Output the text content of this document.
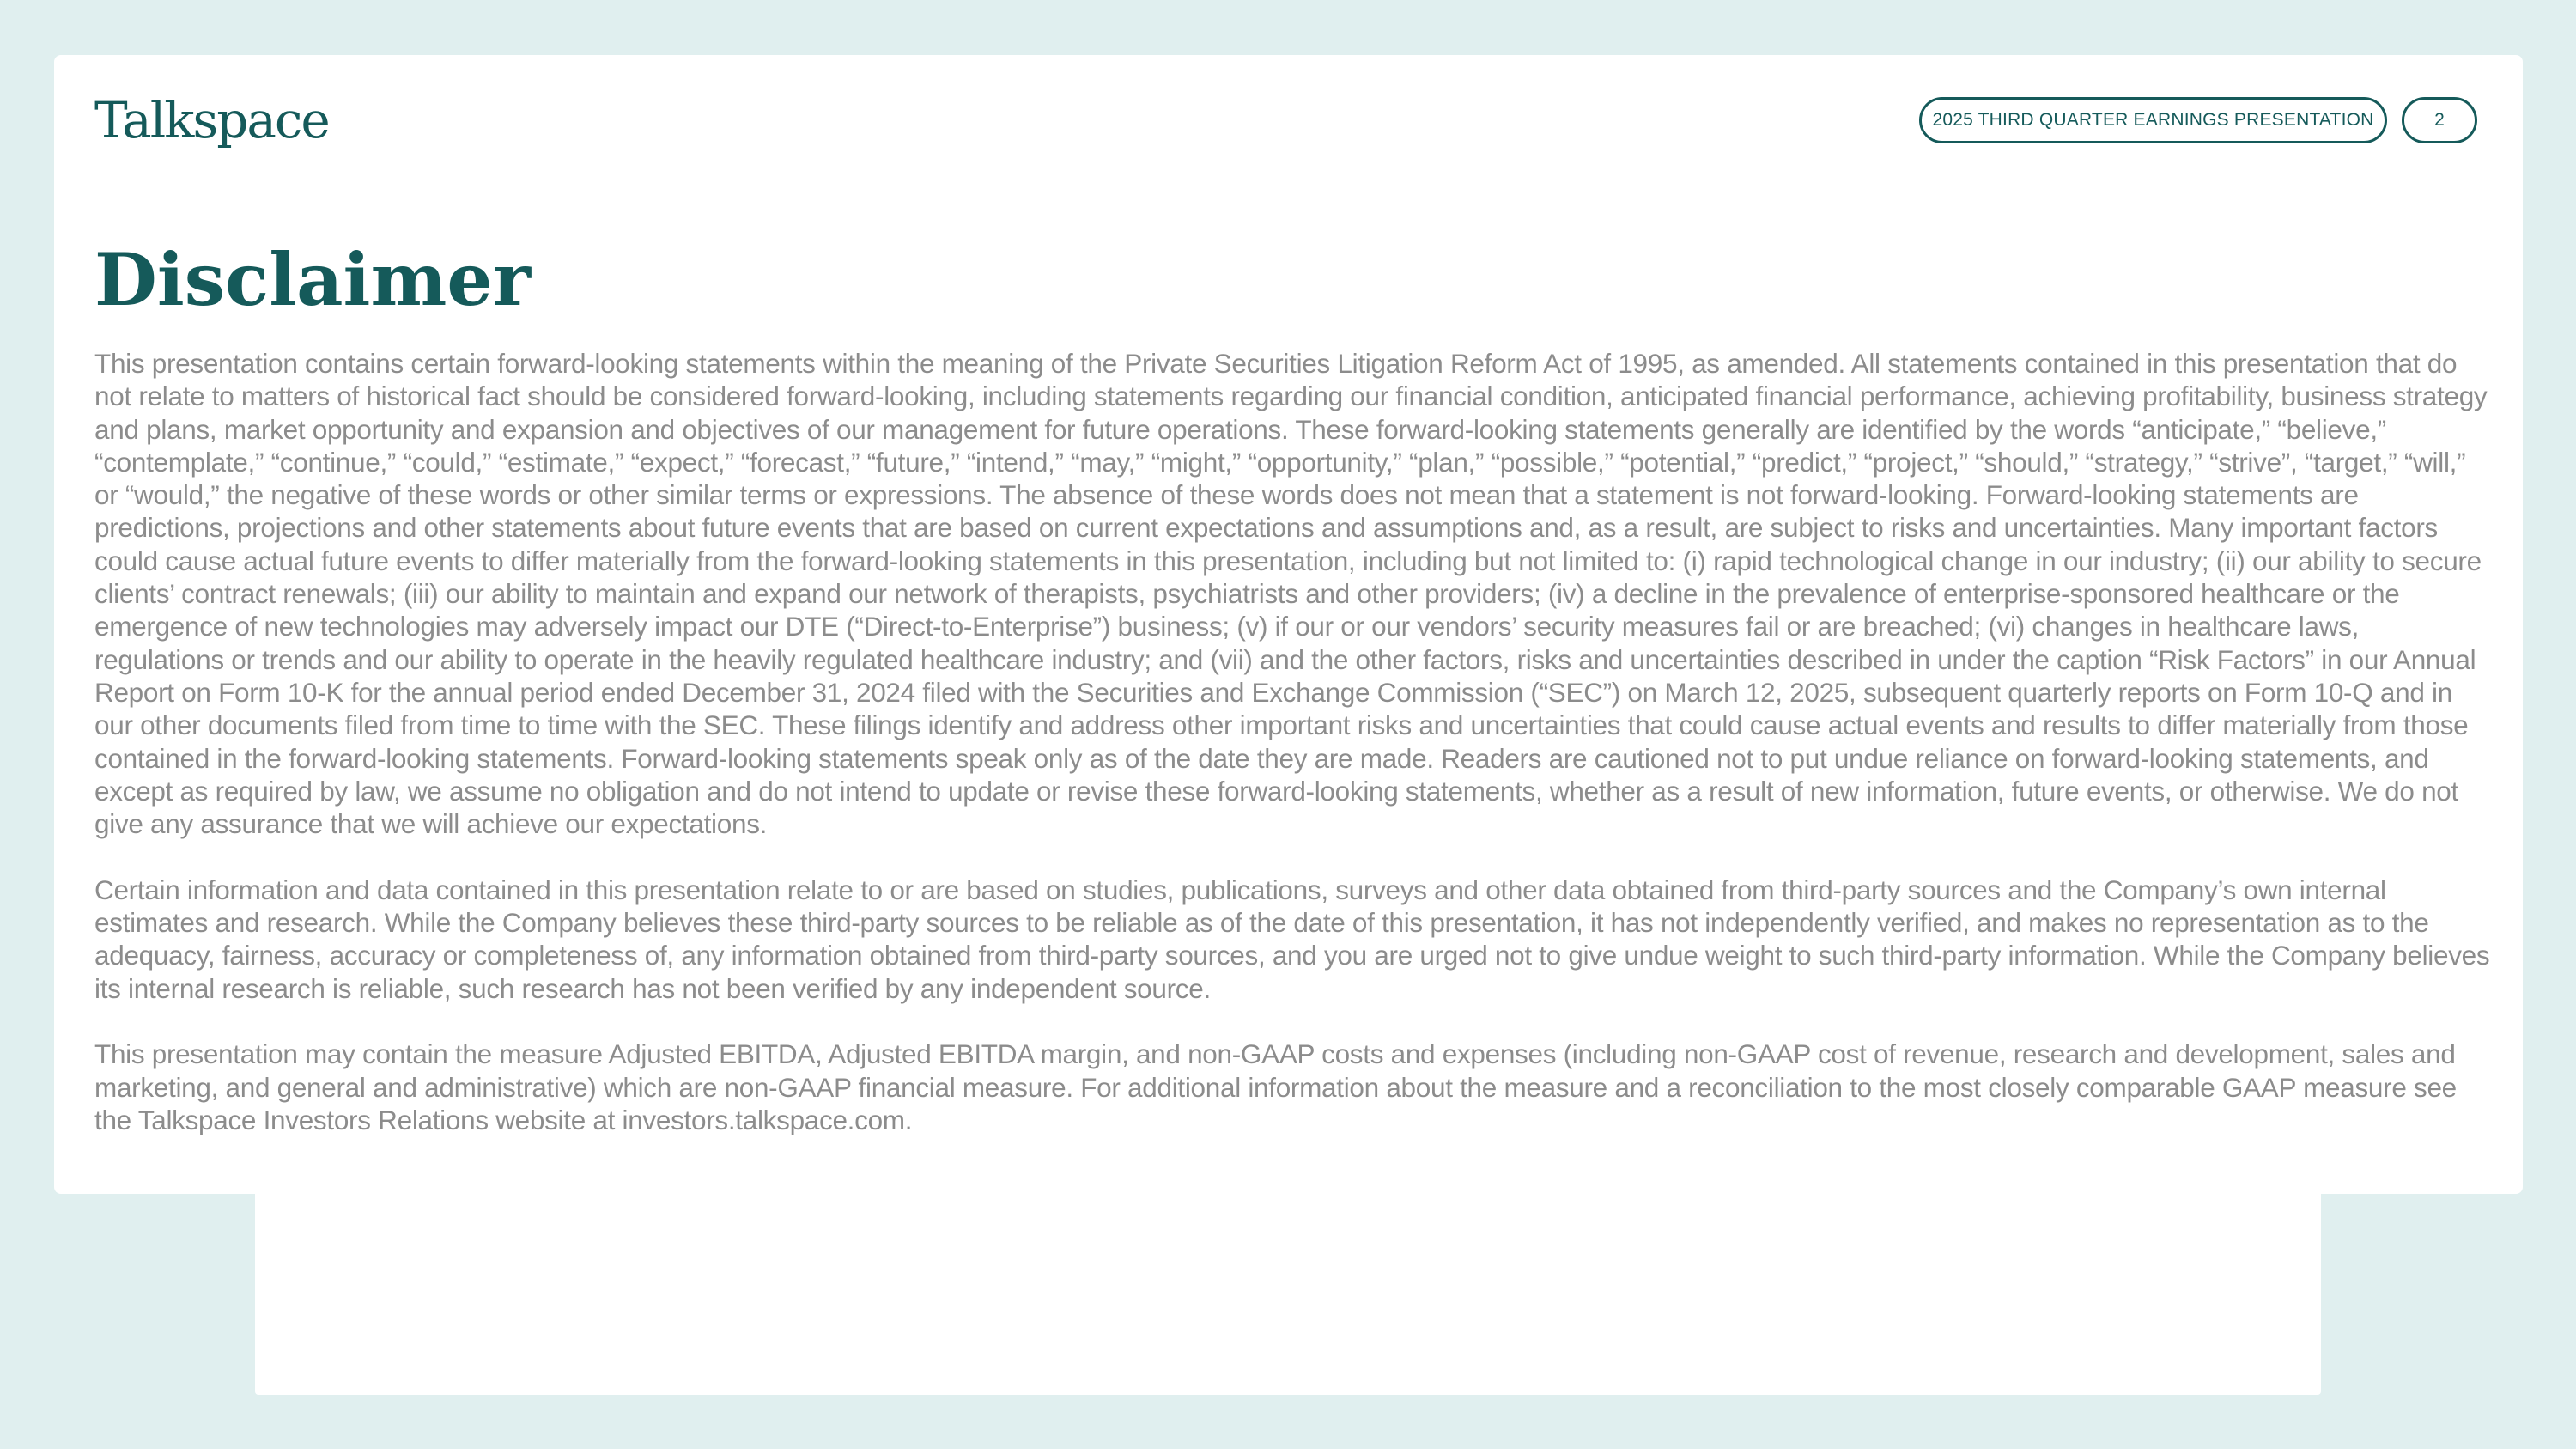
Talkspace	2025 THIRD QUARTER EARNINGS PRESENTATION	2
Disclaimer

This presentation contains certain forward-looking statements within the meaning of the Private Securities Litigation Reform Act of 1995, as amended. All statements contained in this presentation that do not relate to matters of historical fact should be considered forward-looking, including statements regarding our financial condition, anticipated financial performance, achieving profitability, business strategy and plans, market opportunity and expansion and objectives of our management for future operations. These forward-looking statements generally are identified by the words “anticipate,” “believe,” “contemplate,” “continue,” “could,” “estimate,” “expect,” “forecast,” “future,” “intend,” “may,” “might,” “opportunity,” “plan,” “possible,” “potential,” “predict,” “project,” “should,” “strategy,” “strive”, “target,” “will,” or “would,” the negative of these words or other similar terms or expressions. The absence of these words does not mean that a statement is not forward-looking. Forward-looking statements are predictions, projections and other statements about future events that are based on current expectations and assumptions and, as a result, are subject to risks and uncertainties. Many important factors could cause actual future events to differ materially from the forward-looking statements in this presentation, including but not limited to: (i) rapid technological change in our industry; (ii) our ability to secure clients’ contract renewals; (iii) our ability to maintain and expand our network of therapists, psychiatrists and other providers; (iv) a decline in the prevalence of enterprise-sponsored healthcare or the emergence of new technologies may adversely impact our DTE (“Direct-to-Enterprise”) business; (v) if our or our vendors’ security measures fail or are breached; (vi) changes in healthcare laws, regulations or trends and our ability to operate in the heavily regulated healthcare industry; and (vii) and the other factors, risks and uncertainties described in under the caption “Risk Factors” in our Annual Report on Form 10-K for the annual period ended December 31, 2024 filed with the Securities and Exchange Commission (“SEC”) on March 12, 2025, subsequent quarterly reports on Form 10-Q and in our other documents filed from time to time with the SEC. These filings identify and address other important risks and uncertainties that could cause actual events and results to differ materially from those contained in the forward-looking statements. Forward-looking statements speak only as of the date they are made. Readers are cautioned not to put undue reliance on forward-looking statements, and except as required by law, we assume no obligation and do not intend to update or revise these forward-looking statements, whether as a result of new information, future events, or otherwise. We do not give any assurance that we will achieve our expectations.

Certain information and data contained in this presentation relate to or are based on studies, publications, surveys and other data obtained from third-party sources and the Company’s own internal estimates and research. While the Company believes these third-party sources to be reliable as of the date of this presentation, it has not independently verified, and makes no representation as to the adequacy, fairness, accuracy or completeness of, any information obtained from third-party sources, and you are urged not to give undue weight to such third-party information. While the Company believes its internal research is reliable, such research has not been verified by any independent source.

This presentation may contain the measure Adjusted EBITDA, Adjusted EBITDA margin, and non-GAAP costs and expenses (including non-GAAP cost of revenue, research and development, sales and marketing, and general and administrative) which are non-GAAP financial measure. For additional information about the measure and a reconciliation to the most closely comparable GAAP measure see the Talkspace Investors Relations website at investors.talkspace.com.
